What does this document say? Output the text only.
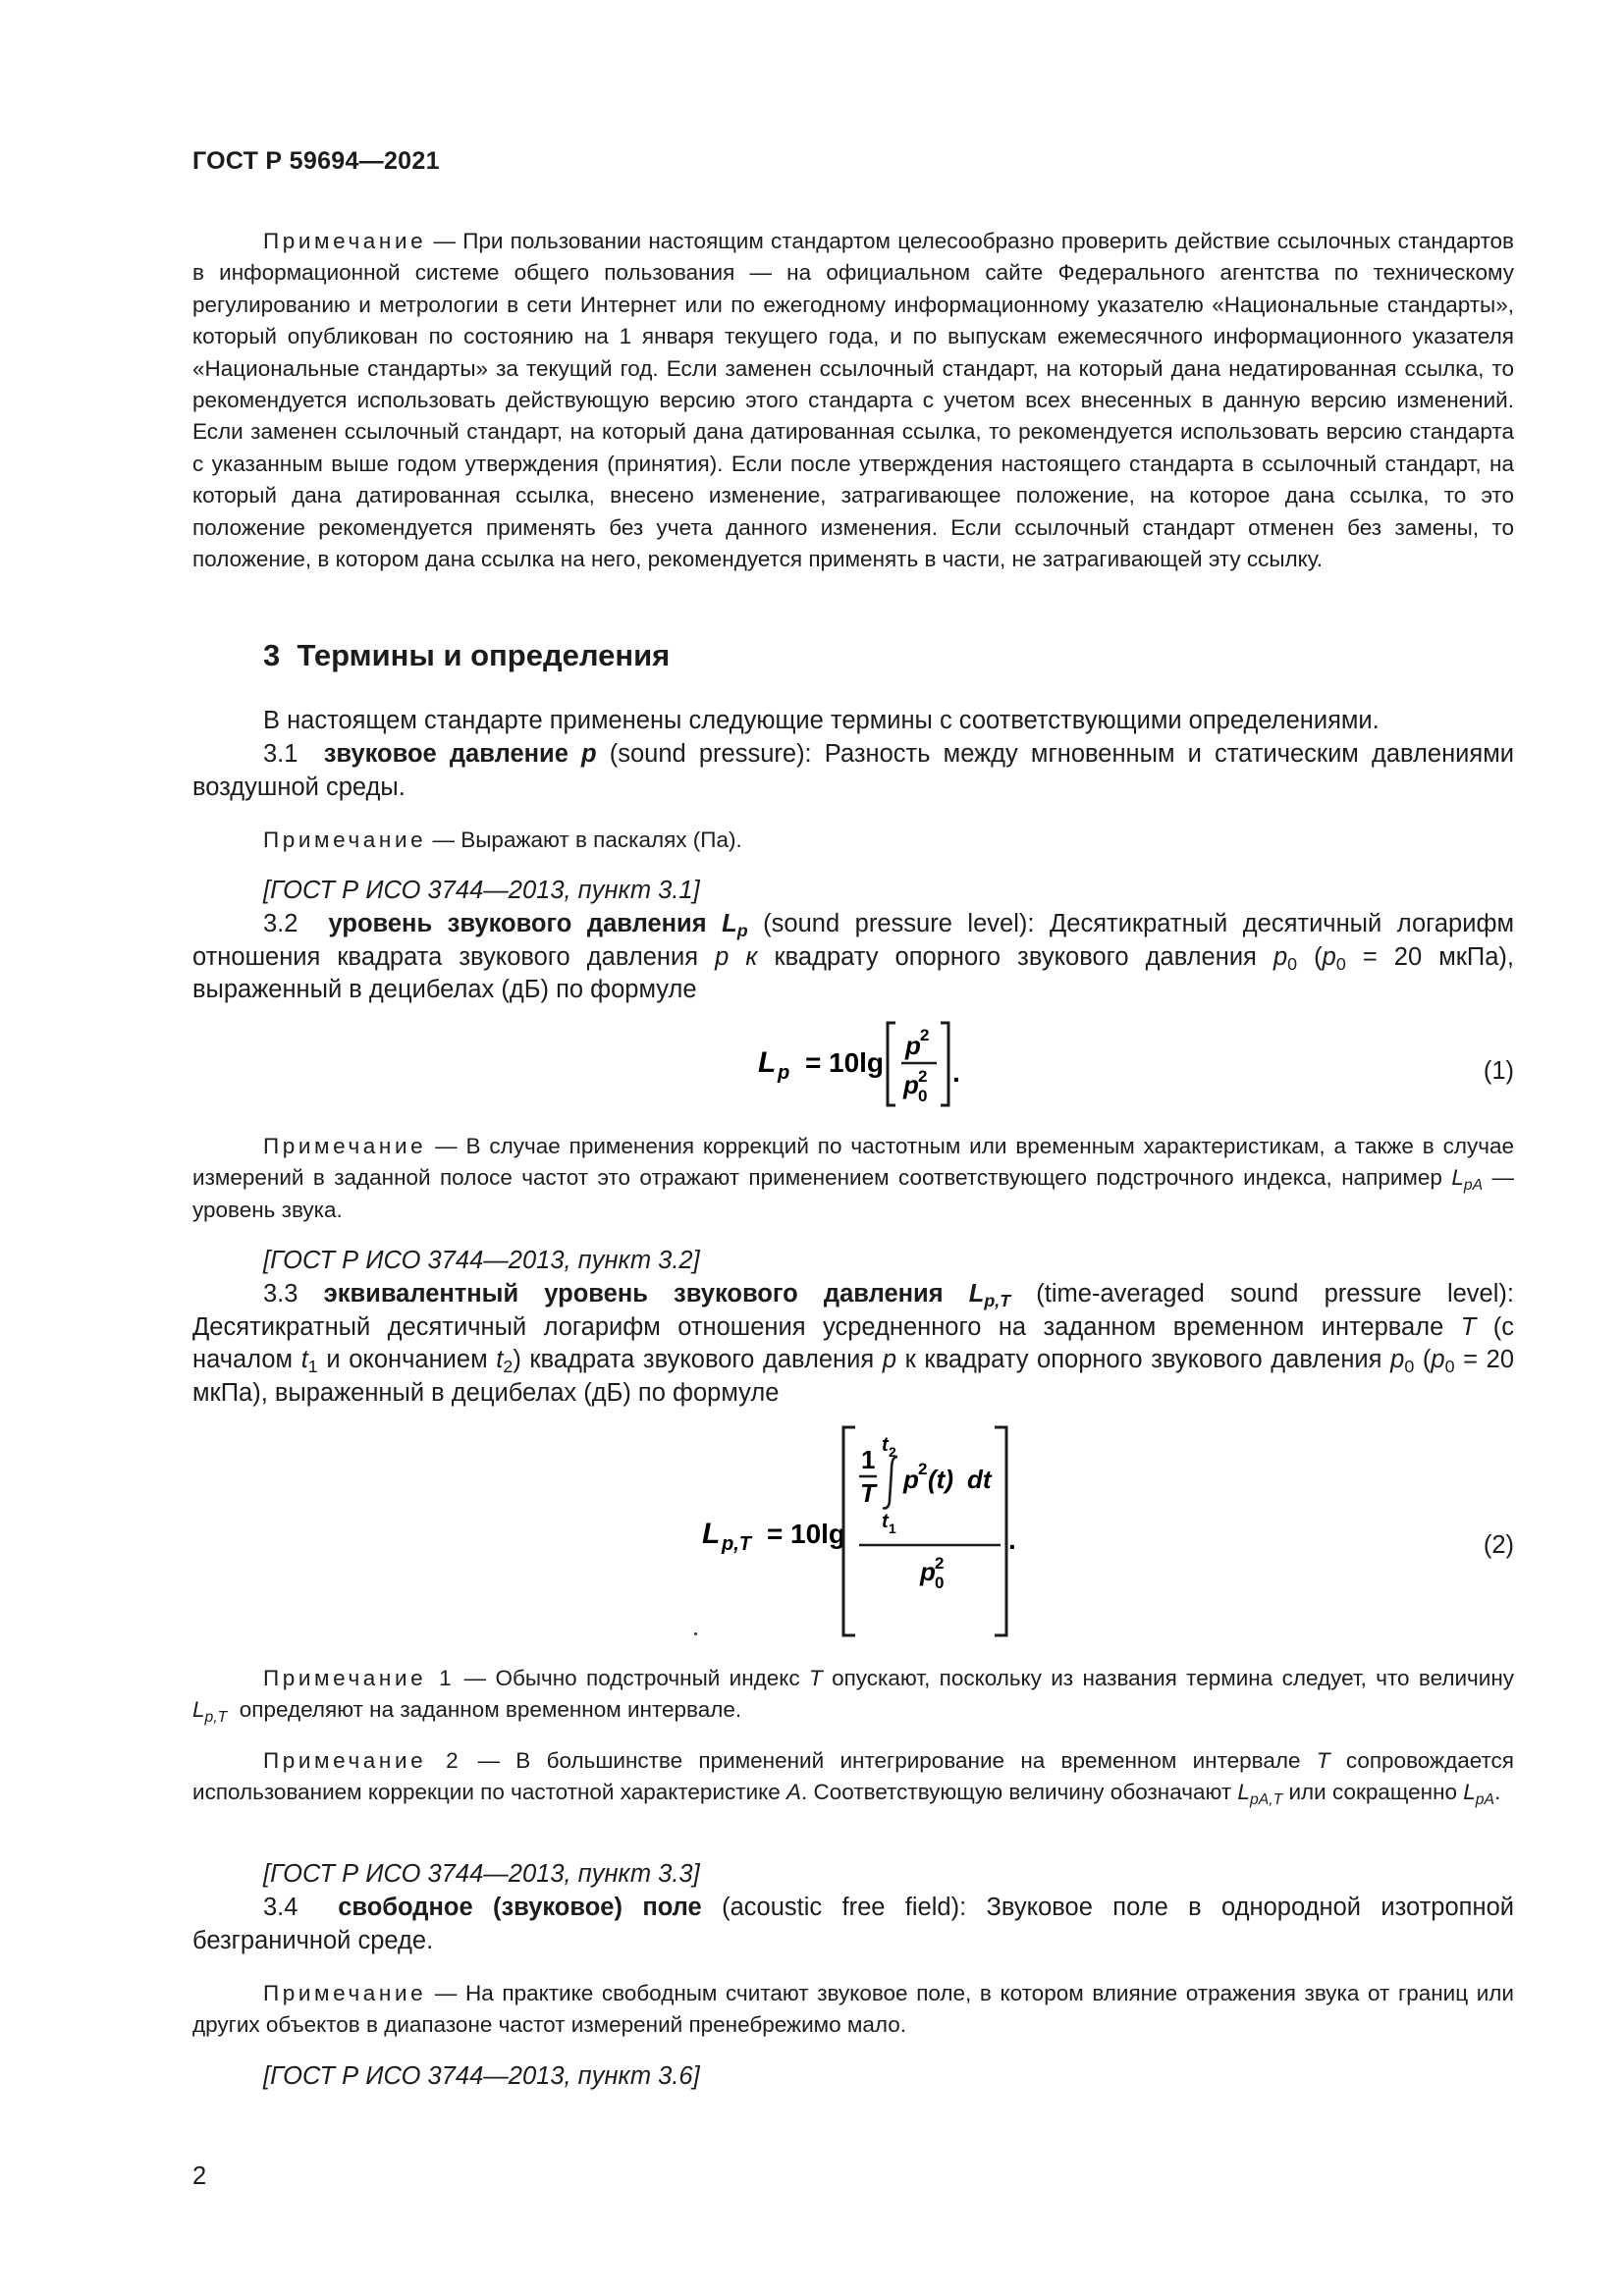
ГОСТ Р 59694—2021
Примечание — При пользовании настоящим стандартом целесообразно проверить действие ссылочных стандартов в информационной системе общего пользования — на официальном сайте Федерального агентства по техническому регулированию и метрологии в сети Интернет или по ежегодному информационному указателю «Национальные стандарты», который опубликован по состоянию на 1 января текущего года, и по выпускам ежемесячного информационного указателя «Национальные стандарты» за текущий год. Если заменен ссылочный стандарт, на который дана недатированная ссылка, то рекомендуется использовать действующую версию этого стандарта с учетом всех внесенных в данную версию изменений. Если заменен ссылочный стандарт, на который дана датированная ссылка, то рекомендуется использовать версию стандарта с указанным выше годом утверждения (принятия). Если после утверждения настоящего стандарта в ссылочный стандарт, на который дана датированная ссылка, внесено изменение, затрагивающее положение, на которое дана ссылка, то это положение рекомендуется применять без учета данного изменения. Если ссылочный стандарт отменен без замены, то положение, в котором дана ссылка на него, рекомендуется применять в части, не затрагивающей эту ссылку.
3 Термины и определения
В настоящем стандарте применены следующие термины с соответствующими определениями.
3.1 звуковое давление p (sound pressure): Разность между мгновенным и статическим давлениями воздушной среды.
Примечание — Выражают в паскалях (Па).
[ГОСТ Р ИСО 3744—2013, пункт 3.1]
3.2 уровень звукового давления $L_p$ (sound pressure level): Десятикратный десятичный логарифм отношения квадрата звукового давления p к квадрату опорного звукового давления $p_0$ ($p_0 = 20$ мкПа), выраженный в децибелах (дБ) по формуле
L p = 10lg
p 2
p 2
0
.	(1)
Примечание — В случае применения коррекций по частотным или временным характеристикам, а также в случае измерений в заданной полосе частот это отражают применением соответствующего подстрочного индекса, например $L_{pA}$ — уровень звука.
[ГОСТ Р ИСО 3744—2013, пункт 3.2]
3.3 эквивалентный уровень звукового давления $L_{p,T}$ (time-averaged sound pressure level): Десятикратный десятичный логарифм отношения усредненного на заданном временном интервале T (с началом $t_1$ и окончанием $t_2$) квадрата звукового давления p к квадрату опорного звукового давления $p_0$ ($p_0 = 20$ мкПа), выраженный в децибелах (дБ) по формуле
L p,T = 10lg
1
T
t 2
t 1
p 2 (t) dt
p 2
0
.	(2)
Примечание 1 — Обычно подстрочный индекс T опускают, поскольку из названия термина следует, что величину $L_{p,T}$ определяют на заданном временном интервале.
Примечание 2 — В большинстве применений интегрирование на временном интервале T сопровождается использованием коррекции по частотной характеристике A. Соответствующую величину обозначают $L_{pA,T}$ или сокращенно $L_{pA}$.
[ГОСТ Р ИСО 3744—2013, пункт 3.3]
3.4 свободное (звуковое) поле (acoustic free field): Звуковое поле в однородной изотропной безграничной среде.
Примечание — На практике свободным считают звуковое поле, в котором влияние отражения звука от границ или других объектов в диапазоне частот измерений пренебрежимо мало.
[ГОСТ Р ИСО 3744—2013, пункт 3.6]
2
